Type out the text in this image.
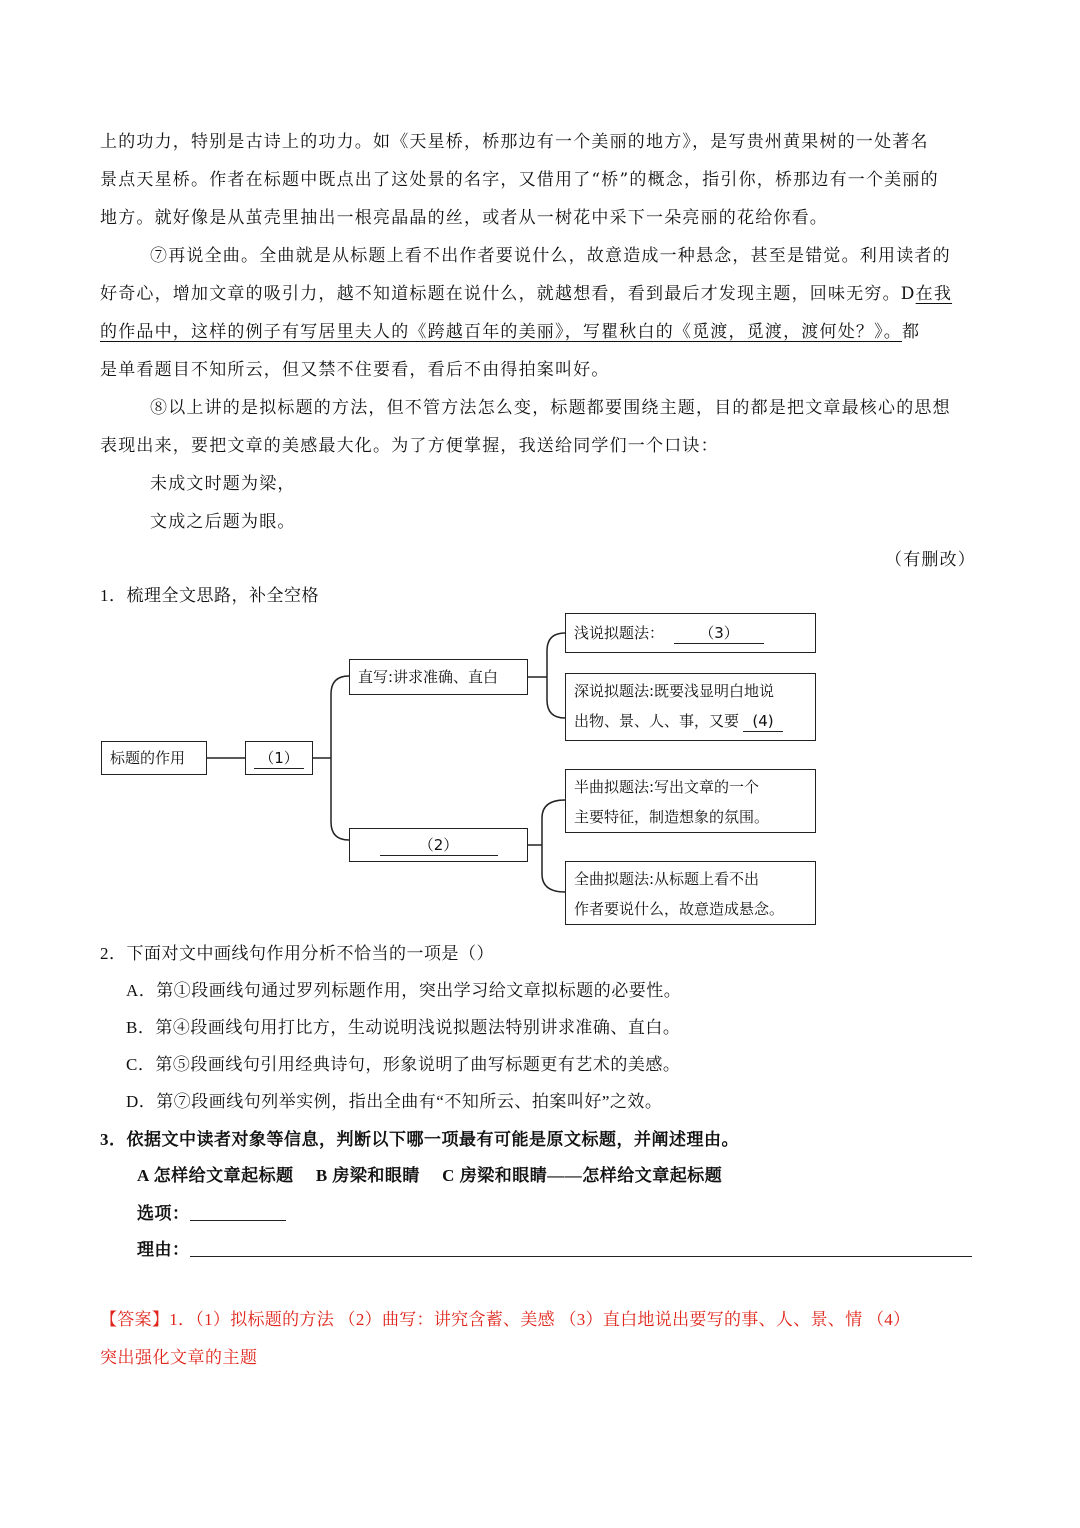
上的功力，特别是古诗上的功力。如《天星桥，桥那边有一个美丽的地方》，是写贵州黄果树的一处著名
景点天星桥。作者在标题中既点出了这处景的名字，又借用了“桥”的概念，指引你，桥那边有一个美丽的
地方。就好像是从茧壳里抽出一根亮晶晶的丝，或者从一树花中采下一朵亮丽的花给你看。
⑦再说全曲。全曲就是从标题上看不出作者要说什么，故意造成一种悬念，甚至是错觉。利用读者的
好奇心，增加文章的吸引力，越不知道标题在说什么，就越想看，看到最后才发现主题，回味无穷。D在我
的作品中，这样的例子有写居里夫人的《跨越百年的美丽》，写瞿秋白的《觅渡，觅渡，渡何处？》。都
是单看题目不知所云，但又禁不住要看，看后不由得拍案叫好。
⑧以上讲的是拟标题的方法，但不管方法怎么变，标题都要围绕主题，目的都是把文章最核心的思想
表现出来，要把文章的美感最大化。为了方便掌握，我送给同学们一个口诀：
未成文时题为梁，
文成之后题为眼。
（有删改）
1．梳理全文思路，补全空格
标题的作用	（1）
直写:讲求准确、直白
（2）
浅说拟题法： （3）
深说拟题法:既要浅显明白地说
出物、景、人、事，又要 (4)
半曲拟题法:写出文章的一个
主要特征，制造想象的氛围。
全曲拟题法:从标题上看不出
作者要说什么，故意造成悬念。
2．下面对文中画线句作用分析不恰当的一项是（）
A．第①段画线句通过罗列标题作用，突出学习给文章拟标题的必要性。
B．第④段画线句用打比方，生动说明浅说拟题法特别讲求准确、直白。
C．第⑤段画线句引用经典诗句，形象说明了曲写标题更有艺术的美感。
D．第⑦段画线句列举实例，指出全曲有“不知所云、拍案叫好”之效。
3．依据文中读者对象等信息，判断以下哪一项最有可能是原文标题，并阐述理由。
A 怎样给文章起标题　 B 房梁和眼睛　 C 房梁和眼睛——怎样给文章起标题
选项：
理由：
【答案】1．（1）拟标题的方法 （2）曲写：讲究含蓄、美感 （3）直白地说出要写的事、人、景、情 （4）
突出强化文章的主题
